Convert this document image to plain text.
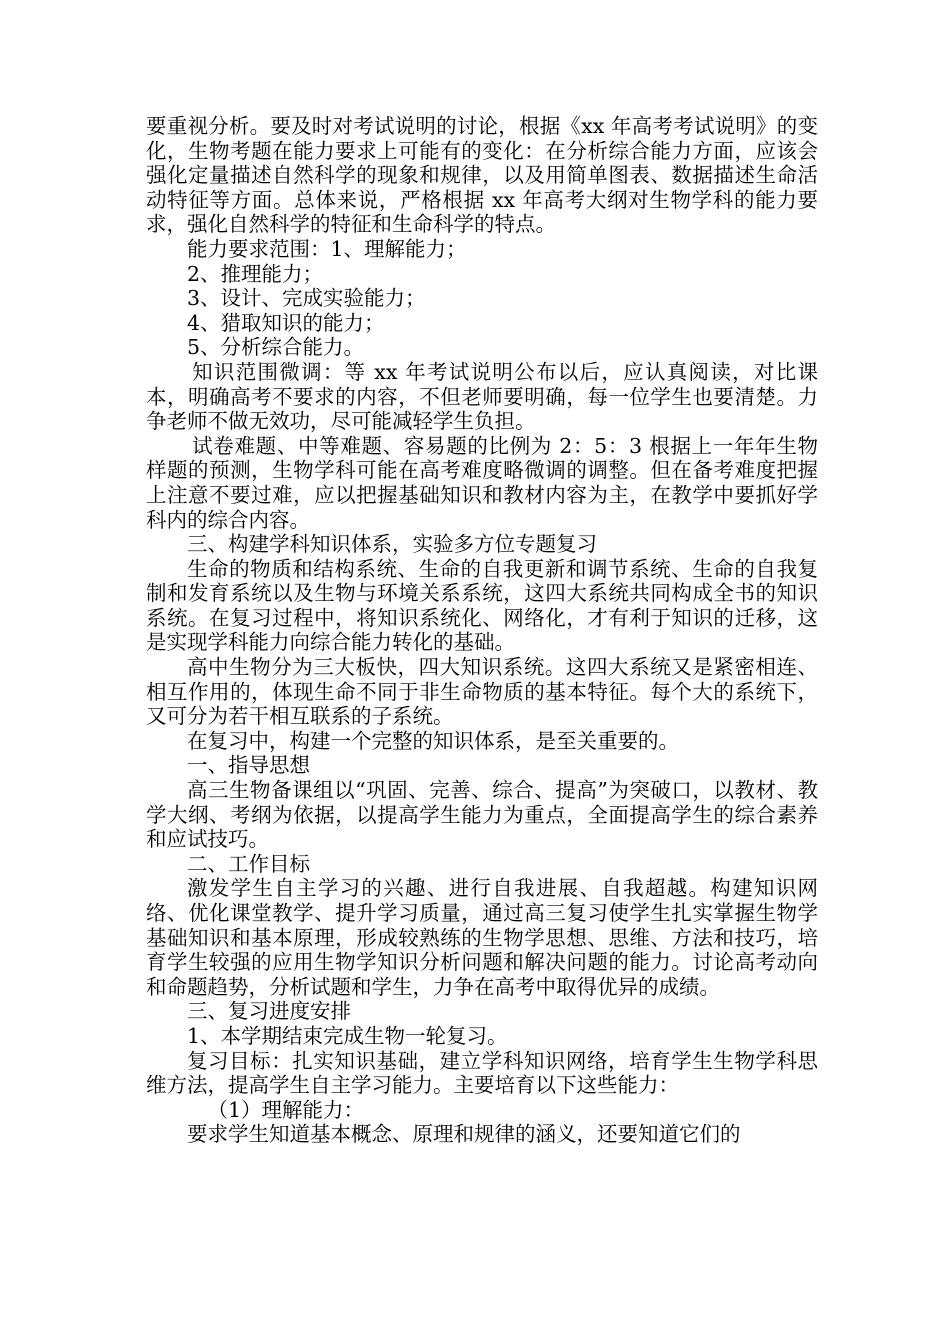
要重视分析。要及时对考试说明的讨论，根据《xx 年高考考试说明》的变化，生物考题在能力要求上可能有的变化：在分析综合能力方面，应该会强化定量描述自然科学的现象和规律，以及用简单图表、数据描述生命活动特征等方面。总体来说，严格根据 xx 年高考大纲对生物学科的能力要求，强化自然科学的特征和生命科学的特点。

能力要求范围：1、理解能力；

2、推理能力；

3、设计、完成实验能力；

4、猎取知识的能力；

5、分析综合能力。

知识范围微调：等 xx 年考试说明公布以后，应认真阅读，对比课本，明确高考不要求的内容，不但老师要明确，每一位学生也要清楚。力争老师不做无效功，尽可能减轻学生负担。

试卷难题、中等难题、容易题的比例为 2：5：3 根据上一年年生物样题的预测，生物学科可能在高考难度略微调的调整。但在备考难度把握上注意不要过难，应以把握基础知识和教材内容为主，在教学中要抓好学科内的综合内容。

三、构建学科知识体系，实验多方位专题复习

生命的物质和结构系统、生命的自我更新和调节系统、生命的自我复制和发育系统以及生物与环境关系系统，这四大系统共同构成全书的知识系统。在复习过程中，将知识系统化、网络化，才有利于知识的迁移，这是实现学科能力向综合能力转化的基础。

高中生物分为三大板快，四大知识系统。这四大系统又是紧密相连、相互作用的，体现生命不同于非生命物质的基本特征。每个大的系统下，又可分为若干相互联系的子系统。

在复习中，构建一个完整的知识体系，是至关重要的。

一、指导思想

高三生物备课组以“巩固、完善、综合、提高”为突破口，以教材、教学大纲、考纲为依据，以提高学生能力为重点，全面提高学生的综合素养和应试技巧。

二、工作目标

激发学生自主学习的兴趣、进行自我进展、自我超越。构建知识网络、优化课堂教学、提升学习质量，通过高三复习使学生扎实掌握生物学基础知识和基本原理，形成较熟练的生物学思想、思维、方法和技巧，培育学生较强的应用生物学知识分析问题和解决问题的能力。讨论高考动向和命题趋势，分析试题和学生，力争在高考中取得优异的成绩。

三、复习进度安排

1、本学期结束完成生物一轮复习。

复习目标：扎实知识基础，建立学科知识网络，培育学生生物学科思维方法，提高学生自主学习能力。主要培育以下这些能力：

（1）理解能力：

要求学生知道基本概念、原理和规律的涵义，还要知道它们的
